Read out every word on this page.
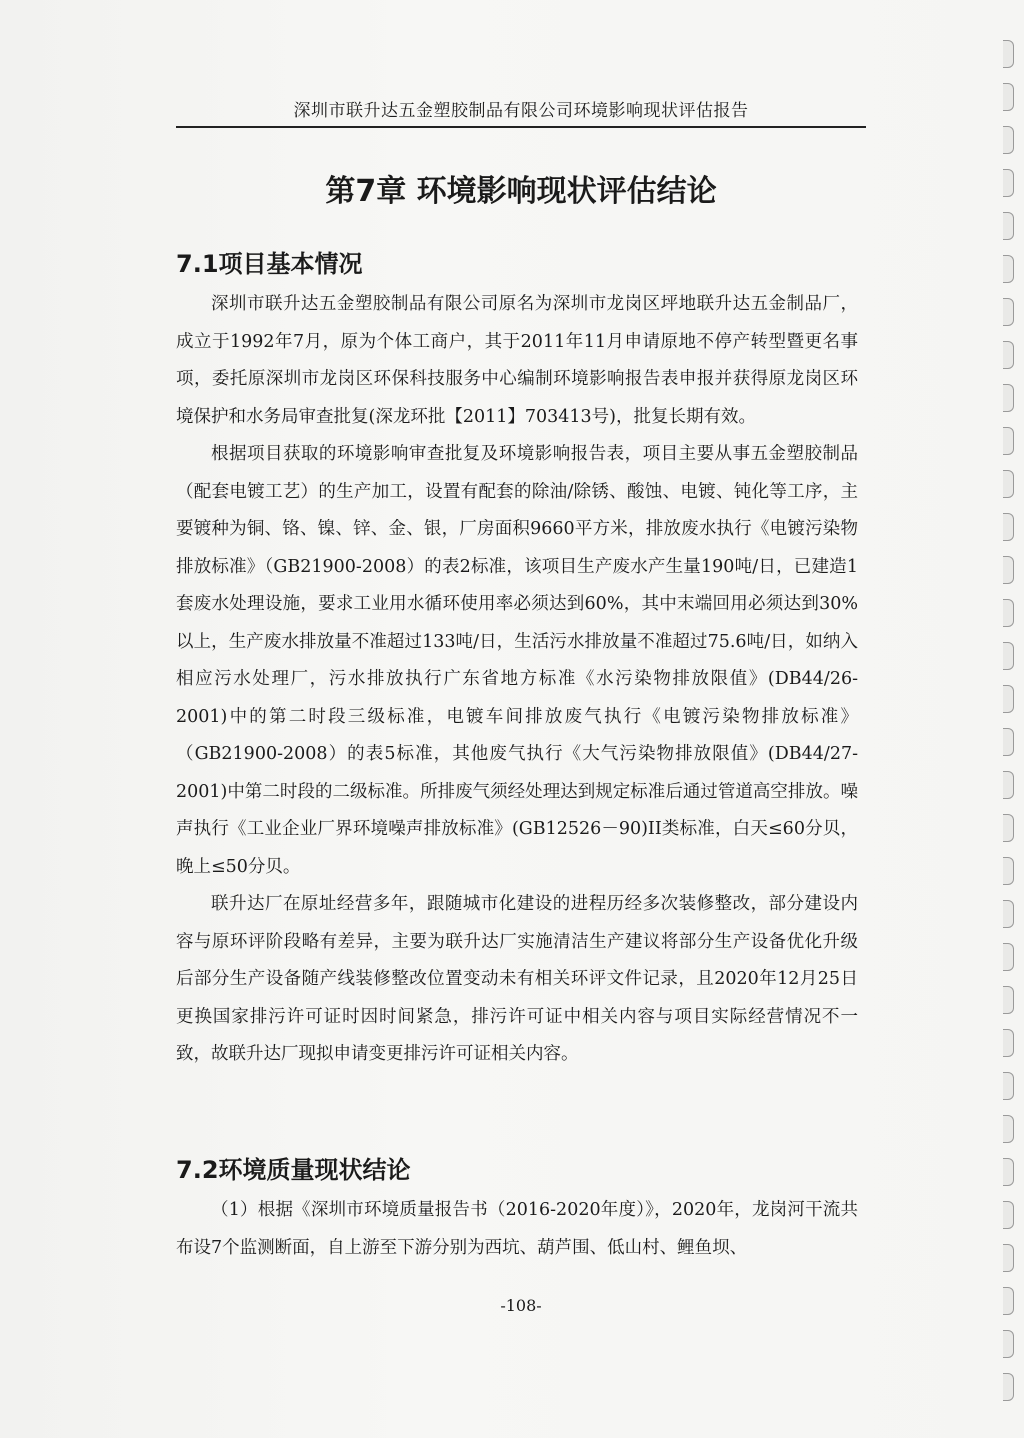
深圳市联升达五金塑胶制品有限公司环境影响现状评估报告
第7章 环境影响现状评估结论
7.1项目基本情况

深圳市联升达五金塑胶制品有限公司原名为深圳市龙岗区坪地联升达五金制品厂，成立于1992年7月，原为个体工商户，其于2011年11月申请原地不停产转型暨更名事项，委托原深圳市龙岗区环保科技服务中心编制环境影响报告表申报并获得原龙岗区环境保护和水务局审查批复(深龙环批【2011】703413号)，批复长期有效。

根据项目获取的环境影响审查批复及环境影响报告表，项目主要从事五金塑胶制品（配套电镀工艺）的生产加工，设置有配套的除油/除锈、酸蚀、电镀、钝化等工序，主要镀种为铜、铬、镍、锌、金、银，厂房面积9660平方米，排放废水执行《电镀污染物排放标准》（GB21900-2008）的表2标准，该项目生产废水产生量190吨/日，已建造1套废水处理设施，要求工业用水循环使用率必须达到60%，其中末端回用必须达到30%以上，生产废水排放量不准超过133吨/日，生活污水排放量不准超过75.6吨/日，如纳入相应污水处理厂，污水排放执行广东省地方标准《水污染物排放限值》(DB44/26-2001)中的第二时段三级标准，电镀车间排放废气执行《电镀污染物排放标准》（GB21900-2008）的表5标准，其他废气执行《大气污染物排放限值》(DB44/27-2001)中第二时段的二级标准。所排废气须经处理达到规定标准后通过管道高空排放。噪声执行《工业企业厂界环境噪声排放标准》(GB12526－90)II类标准，白天≤60分贝，晚上≤50分贝。

联升达厂在原址经营多年，跟随城市化建设的进程历经多次装修整改，部分建设内容与原环评阶段略有差异，主要为联升达厂实施清洁生产建议将部分生产设备优化升级后部分生产设备随产线装修整改位置变动未有相关环评文件记录，且2020年12月25日更换国家排污许可证时因时间紧急，排污许可证中相关内容与项目实际经营情况不一致，故联升达厂现拟申请变更排污许可证相关内容。

7.2环境质量现状结论

（1）根据《深圳市环境质量报告书（2016-2020年度）》，2020年，龙岗河干流共布设7个监测断面，自上游至下游分别为西坑、葫芦围、低山村、鲤鱼坝、

-108-
